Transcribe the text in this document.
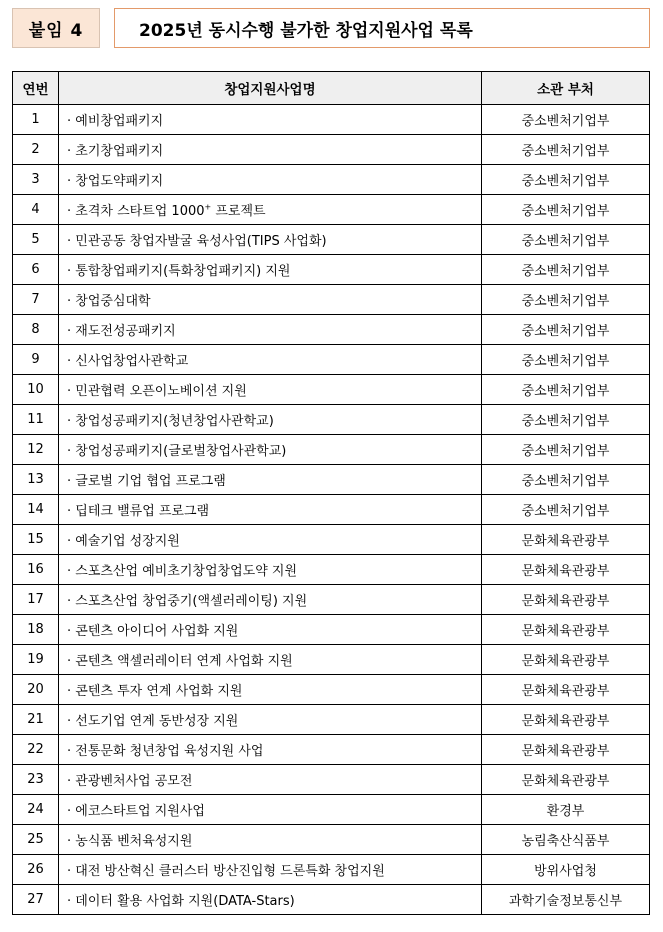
붙임 4	2025년 동시수행 불가한 창업지원사업 목록
연번	창업지원사업명	소관 부처
1	· 예비창업패키지	중소벤처기업부
2	· 초기창업패키지	중소벤처기업부
3	· 창업도약패키지	중소벤처기업부
4	· 초격차 스타트업 1000+ 프로젝트	중소벤처기업부
5	· 민관공동 창업자발굴 육성사업(TIPS 사업화)	중소벤처기업부
6	· 통합창업패키지(특화창업패키지) 지원	중소벤처기업부
7	· 창업중심대학	중소벤처기업부
8	· 재도전성공패키지	중소벤처기업부
9	· 신사업창업사관학교	중소벤처기업부
10	· 민관협력 오픈이노베이션 지원	중소벤처기업부
11	· 창업성공패키지(청년창업사관학교)	중소벤처기업부
12	· 창업성공패키지(글로벌창업사관학교)	중소벤처기업부
13	· 글로벌 기업 협업 프로그램	중소벤처기업부
14	· 딥테크 밸류업 프로그램	중소벤처기업부
15	· 예술기업 성장지원	문화체육관광부
16	· 스포츠산업 예비초기창업창업도약 지원	문화체육관광부
17	· 스포츠산업 창업중기(액셀러레이팅) 지원	문화체육관광부
18	· 콘텐츠 아이디어 사업화 지원	문화체육관광부
19	· 콘텐츠 액셀러레이터 연계 사업화 지원	문화체육관광부
20	· 콘텐츠 투자 연계 사업화 지원	문화체육관광부
21	· 선도기업 연계 동반성장 지원	문화체육관광부
22	· 전통문화 청년창업 육성지원 사업	문화체육관광부
23	· 관광벤처사업 공모전	문화체육관광부
24	· 에코스타트업 지원사업	환경부
25	· 농식품 벤처육성지원	농림축산식품부
26	· 대전 방산혁신 클러스터 방산진입형 드론특화 창업지원	방위사업청
27	· 데이터 활용 사업화 지원(DATA-Stars)	과학기술정보통신부
